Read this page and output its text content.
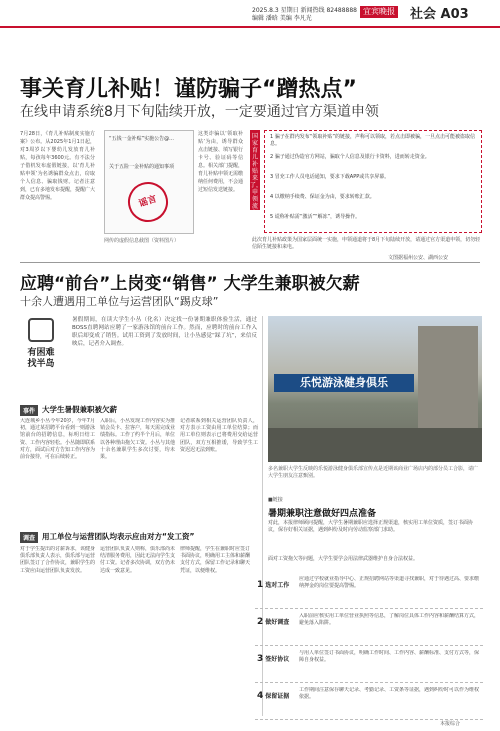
2025.8.3 星期日 新闻热线 82488888
编辑 潘晗 美编 李凡光
宜宾晚报 社会 A03
事关育儿补贴！谨防骗子“蹭热点”
在线申请系统8月下旬陆续开放，一定要通过官方渠道申领
7月28日，《育儿补贴制度实施方案》公布。从2025年1月1日起，对3周岁以下婴幼儿发放育儿补贴，每孩每年3600元。有不法分子借机发布虚假链接，以‘育儿补贴申领’为名诱骗群众点击，窃取个人信息、骗取钱财。记者注意到，已有多地发布提醒，提醒广大群众提高警惕。
“五钱一金补贴”实施公告@...
关于五险一金补贴的通知事项
谣言
网传的虚假信息截图（资料图片）
这类诈骗以‘领取补贴’为由，诱导群众点击链接、填写银行卡号、验证码等信息。相关部门提醒，育儿补贴申领无需缴纳任何费用，不会通过短信发送链接。
国家育儿补贴来了，申领流程看这里
1 骗子在群内发布“领取补贴”的链接，声称可以领取，若点击即被骗，一旦点击可能被盗取信息。
2 骗子通过伪造官方网站，骗取个人信息及银行卡资料，进而转走资金。
3 冒充工作人员电话通知，要求下载APP或共享屏幕。
4 以缴纳手续费、保证金为由，要求转账汇款。
5 谎称补贴需“激活”“解冻”，诱导操作。
此次育儿补贴政策为国家层面统一实施，申领通道将于8月下旬陆续开放，请通过官方渠道申领，切勿轻信陌生链接和来电。
文图据福州公安、湖西公安
应聘“前台”上岗变“销售” 大学生兼职被欠薪
十余人遭遇用工单位与运营团队“踢皮球”
有困难 找半岛
暑假期间，在读大学生小丛（化名）决定找一份暑期兼职体验生活，通过BOSS直聘网站应聘了一家游泳馆的前台工作。然而，应聘时的前台工作入职后却变成了销售。试用工资到了发放时间，让小丛感觉“踩了坑”，来信反映后，记者介入调查。
乐悦游泳健身俱乐
多名兼职大学生反映的乐悦游泳健身俱乐部宣传点是近期该商业广场店内的部分员工合影，请广大学生朋友注意甄别。
事件 大学生暑假兼职被欠薪
大连城乡小丛今年20岁，今年7月初，通过某招聘平台看到一则游泳馆前台的招聘信息，标明日结工资、工作内容轻松。小丛随即联系对方，面试后对方告知工作内容为前台接待，可在后续转正。
入职后，小丛发现工作内容实为推销会员卡、拉客户，每天需完成业绩指标。工作了约半个月后，单位以各种理由拖欠工资。小丛与其他十余名兼职学生多次讨要，均未果。
记者联系到相关运营团队负责人，对方表示工资由用工单位结算；而用工单位则表示已将费用交给运营团队，双方互相推诿，导致学生工资迟迟无法到账。
调查 用工单位与运营团队均表示应由对方“发工资”
对于学生提出的讨薪诉求，该健身俱乐部负责人表示，俱乐部与运营团队签订了合作协议，兼职学生的工资应由运营团队负责发放。
运营团队负责人则称，俱乐部尚未结清服务费用，因此无法向学生支付工资。记者多次协调，双方仍未达成一致意见。
律师提醒，学生在兼职时应签订书面协议，明确用工主体和薪酬支付方式，保留工作记录和聊天凭证，以便维权。
■链接
暑期兼职注意做好四点准备
对此，本报律师顾问提醒，大学生暑期兼职应选择正规渠道，核实用工单位资质，签订书面协议，保存好相关证据，遇到纠纷及时向劳动监察部门求助。
面对工资拖欠等问题，大学生要学会用法律武器维护自身合法权益。
1 选对工作
应通过学校就业指导中心、正规招聘网站等渠道寻找兼职，对于待遇过高、要求缴纳押金的岗位要提高警惕。
2 做好调查
入职前应核实用工单位营业执照等信息，了解岗位具体工作内容和薪酬结算方式，避免落入陷阱。
3 签好协议
与用人单位签订书面协议，明确工作时间、工作内容、薪酬标准、支付方式等，保障自身权益。
4 保留证据
工作期间注意保存聊天记录、考勤记录、工资条等证据，遇到纠纷时可以作为维权依据。
本报综合
